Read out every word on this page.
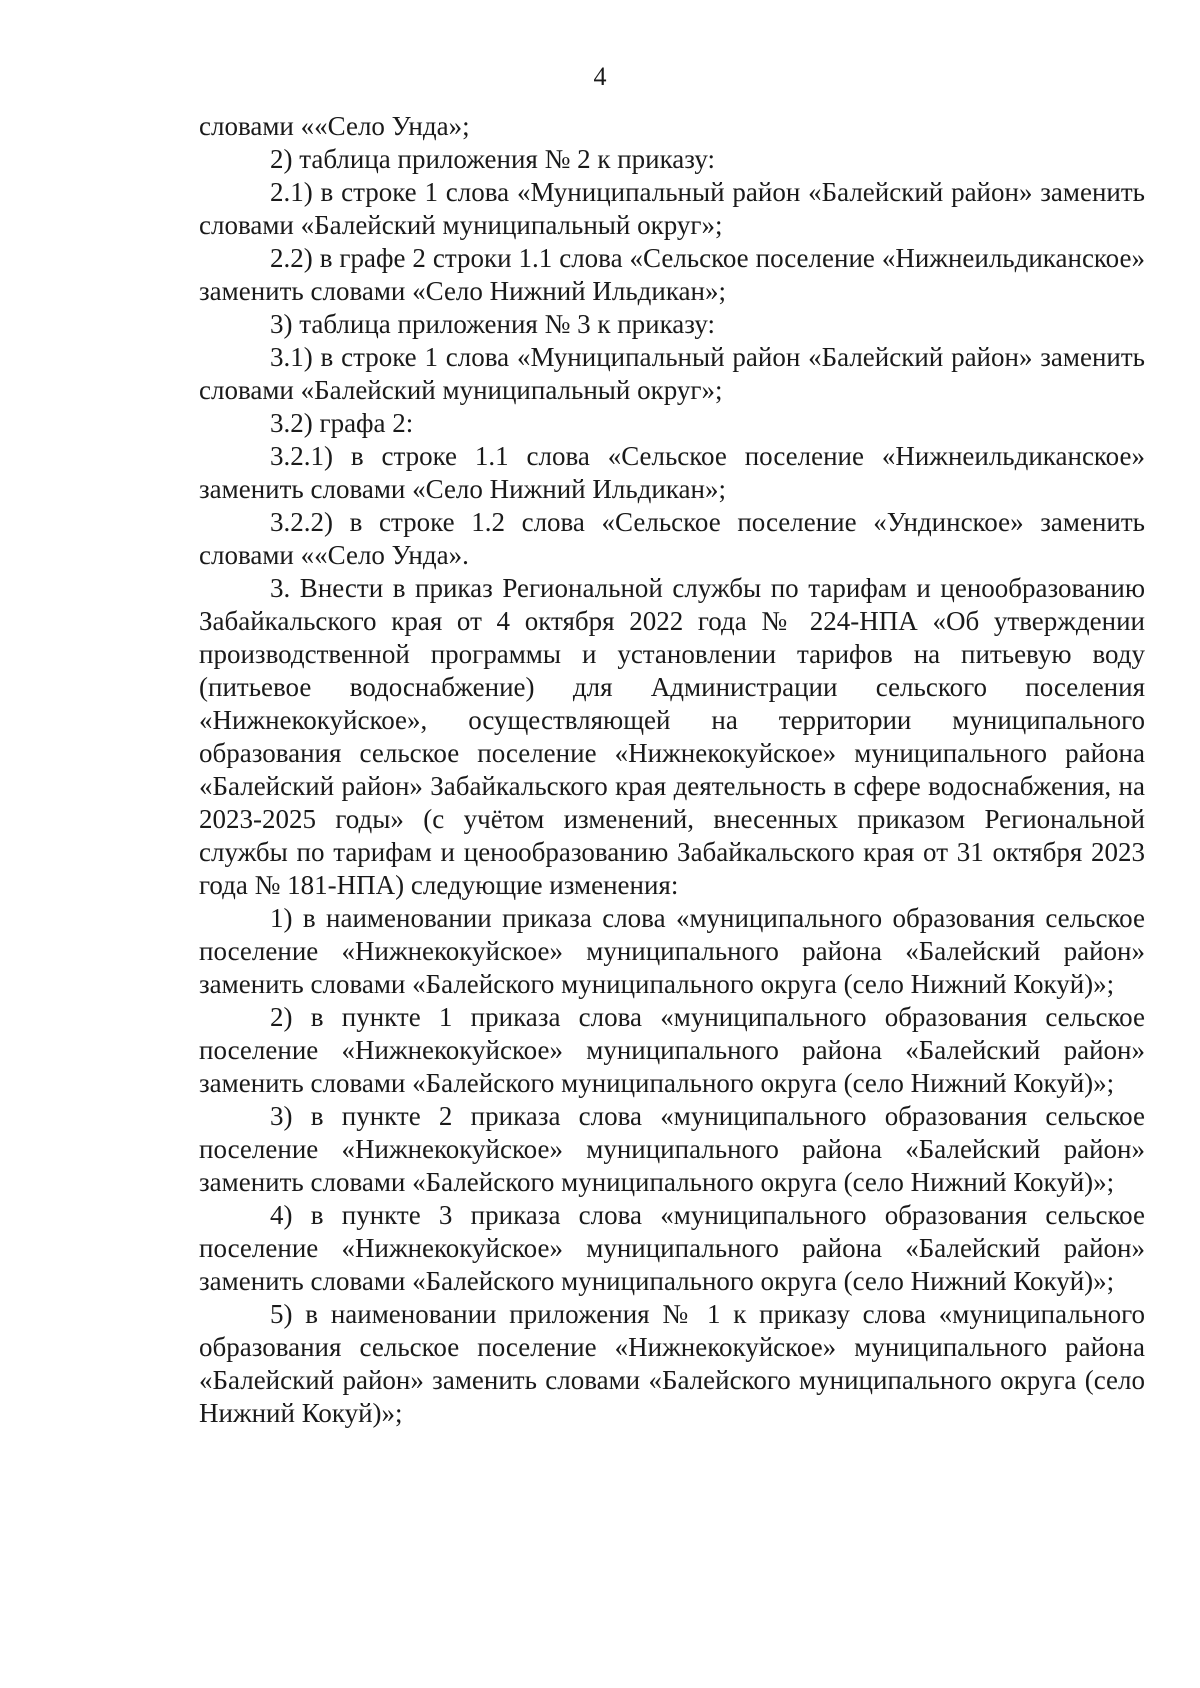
4

словами ««Село Унда»;

2) таблица приложения № 2 к приказу:

2.1) в строке 1 слова «Муниципальный район «Балейский район» заменить словами «Балейский муниципальный округ»;

2.2) в графе 2 строки 1.1 слова «Сельское поселение «Нижнеильдиканское» заменить словами «Село Нижний Ильдикан»;

3) таблица приложения № 3 к приказу:

3.1) в строке 1 слова «Муниципальный район «Балейский район» заменить словами «Балейский муниципальный округ»;

3.2) графа 2:

3.2.1) в строке 1.1 слова «Сельское поселение «Нижнеильдиканское» заменить словами «Село Нижний Ильдикан»;

3.2.2) в строке 1.2 слова «Сельское поселение «Ундинское» заменить словами ««Село Унда».

3. Внести в приказ Региональной службы по тарифам и ценообразованию Забайкальского края от 4 октября 2022 года № 224-НПА «Об утверждении производственной программы и установлении тарифов на питьевую воду (питьевое водоснабжение) для Администрации сельского поселения «Нижнекокуйское», осуществляющей на территории муниципального образования сельское поселение «Нижнекокуйское» муниципального района «Балейский район» Забайкальского края деятельность в сфере водоснабжения, на 2023-2025 годы» (с учётом изменений, внесенных приказом Региональной службы по тарифам и ценообразованию Забайкальского края от 31 октября 2023 года № 181-НПА) следующие изменения:

1) в наименовании приказа слова «муниципального образования сельское поселение «Нижнекокуйское» муниципального района «Балейский район» заменить словами «Балейского муниципального округа (село Нижний Кокуй)»;

2) в пункте 1 приказа слова «муниципального образования сельское поселение «Нижнекокуйское» муниципального района «Балейский район» заменить словами «Балейского муниципального округа (село Нижний Кокуй)»;

3) в пункте 2 приказа слова «муниципального образования сельское поселение «Нижнекокуйское» муниципального района «Балейский район» заменить словами «Балейского муниципального округа (село Нижний Кокуй)»;

4) в пункте 3 приказа слова «муниципального образования сельское поселение «Нижнекокуйское» муниципального района «Балейский район» заменить словами «Балейского муниципального округа (село Нижний Кокуй)»;

5) в наименовании приложения № 1 к приказу слова «муниципального образования сельское поселение «Нижнекокуйское» муниципального района «Балейский район» заменить словами «Балейского муниципального округа (село Нижний Кокуй)»;
